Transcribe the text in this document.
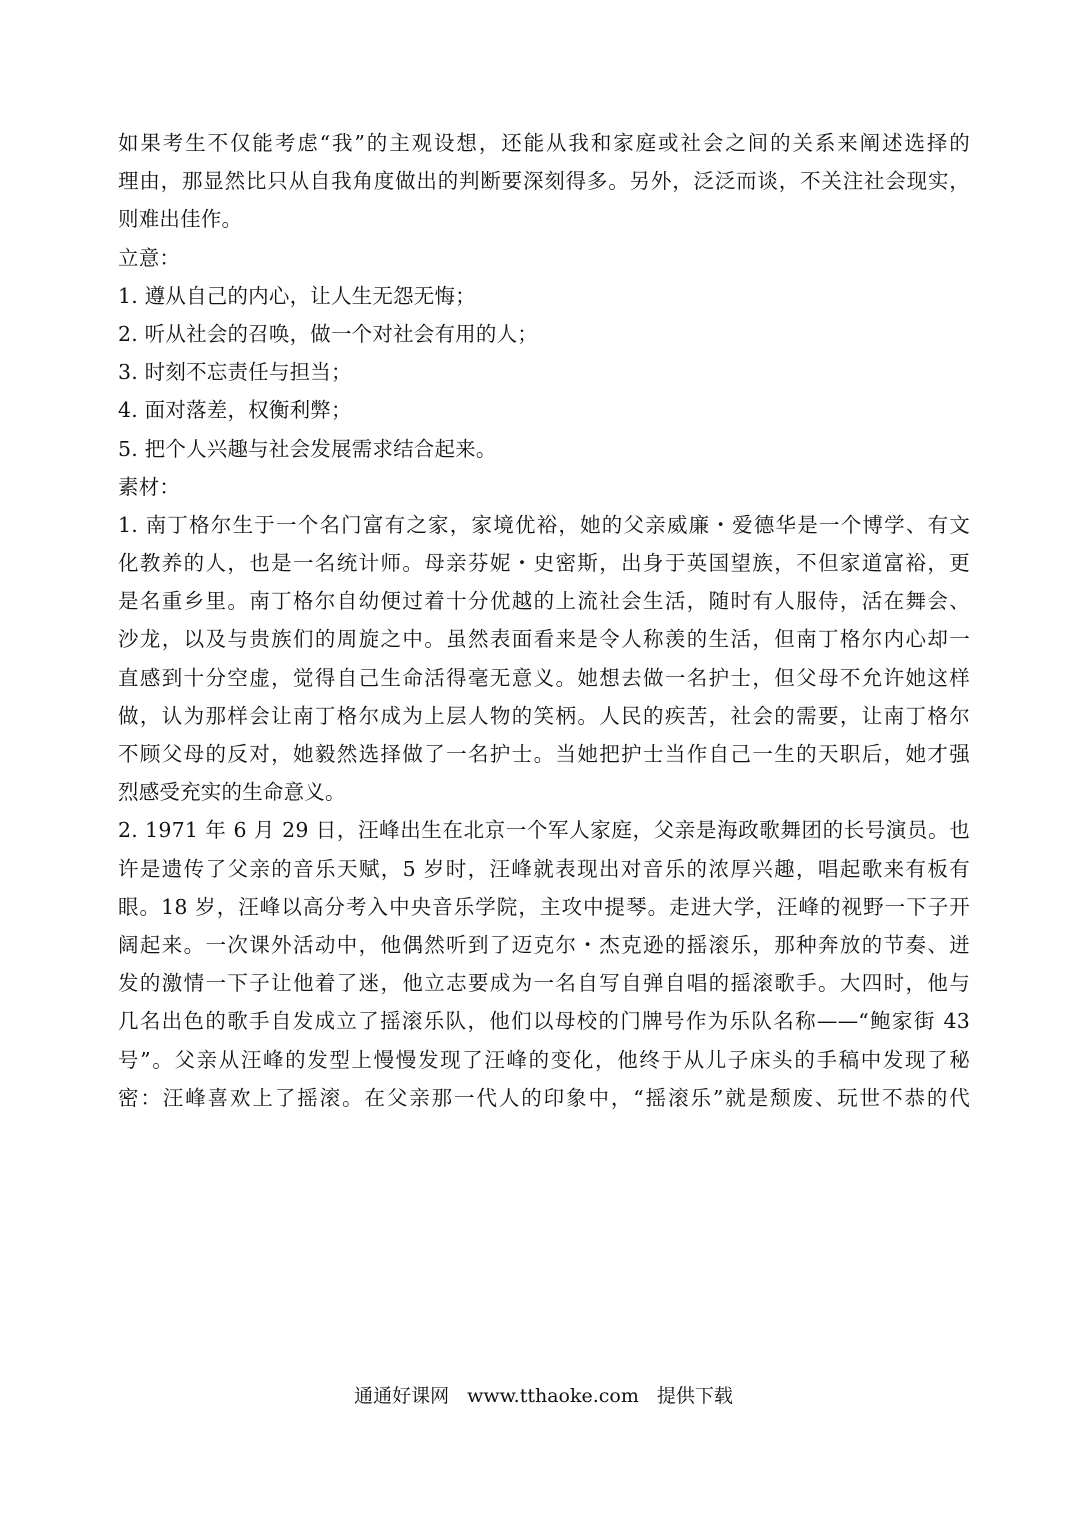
如果考生不仅能考虑“我”的主观设想，还能从我和家庭或社会之间的关系来阐述选择的
理由，那显然比只从自我角度做出的判断要深刻得多。另外，泛泛而谈，不关注社会现实，
则难出佳作。
立意：
1. 遵从自己的内心，让人生无怨无悔；
2. 听从社会的召唤，做一个对社会有用的人；
3. 时刻不忘责任与担当；
4. 面对落差，权衡利弊；
5. 把个人兴趣与社会发展需求结合起来。
素材：
1. 南丁格尔生于一个名门富有之家，家境优裕，她的父亲威廉・爱德华是一个博学、有文
化教养的人，也是一名统计师。母亲芬妮・史密斯，出身于英国望族，不但家道富裕，更
是名重乡里。南丁格尔自幼便过着十分优越的上流社会生活，随时有人服侍，活在舞会、
沙龙，以及与贵族们的周旋之中。虽然表面看来是令人称羡的生活，但南丁格尔内心却一
直感到十分空虚，觉得自己生命活得毫无意义。她想去做一名护士，但父母不允许她这样
做，认为那样会让南丁格尔成为上层人物的笑柄。人民的疾苦，社会的需要，让南丁格尔
不顾父母的反对，她毅然选择做了一名护士。当她把护士当作自己一生的天职后，她才强
烈感受充实的生命意义。
2. 1971 年 6 月 29 日，汪峰出生在北京一个军人家庭，父亲是海政歌舞团的长号演员。也
许是遗传了父亲的音乐天赋，5 岁时，汪峰就表现出对音乐的浓厚兴趣，唱起歌来有板有
眼。18 岁，汪峰以高分考入中央音乐学院，主攻中提琴。走进大学，汪峰的视野一下子开
阔起来。一次课外活动中，他偶然听到了迈克尔・杰克逊的摇滚乐，那种奔放的节奏、迸
发的激情一下子让他着了迷，他立志要成为一名自写自弹自唱的摇滚歌手。大四时，他与
几名出色的歌手自发成立了摇滚乐队，他们以母校的门牌号作为乐队名称——“鲍家街 43
号”。父亲从汪峰的发型上慢慢发现了汪峰的变化，他终于从儿子床头的手稿中发现了秘
密：汪峰喜欢上了摇滚。在父亲那一代人的印象中，“摇滚乐”就是颓废、玩世不恭的代
通通好课网 www.tthaoke.com 提供下载
